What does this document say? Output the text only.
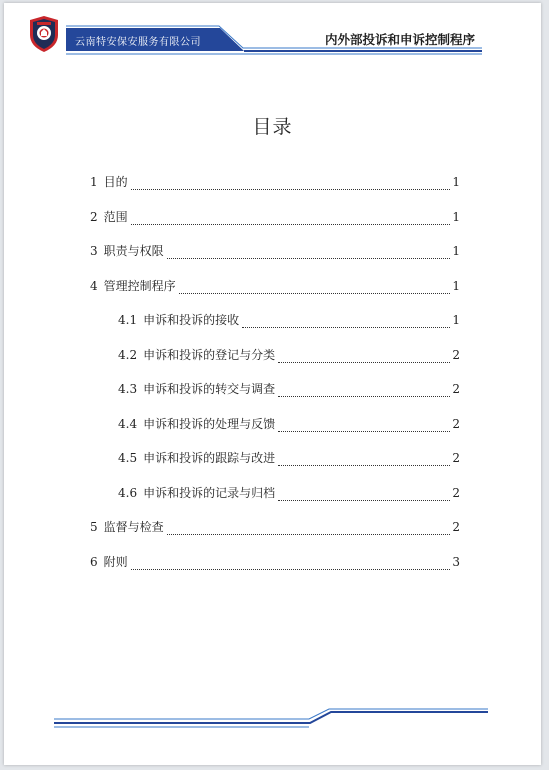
云南特安保安服务有限公司	内外部投诉和申诉控制程序
目录
1 目的	1
2 范围	1
3 职责与权限	1
4 管理控制程序	1
4.1 申诉和投诉的接收	1
4.2 申诉和投诉的登记与分类	2
4.3 申诉和投诉的转交与调查	2
4.4 申诉和投诉的处理与反馈	2
4.5 申诉和投诉的跟踪与改进	2
4.6 申诉和投诉的记录与归档	2
5 监督与检查	2
6 附则	3
